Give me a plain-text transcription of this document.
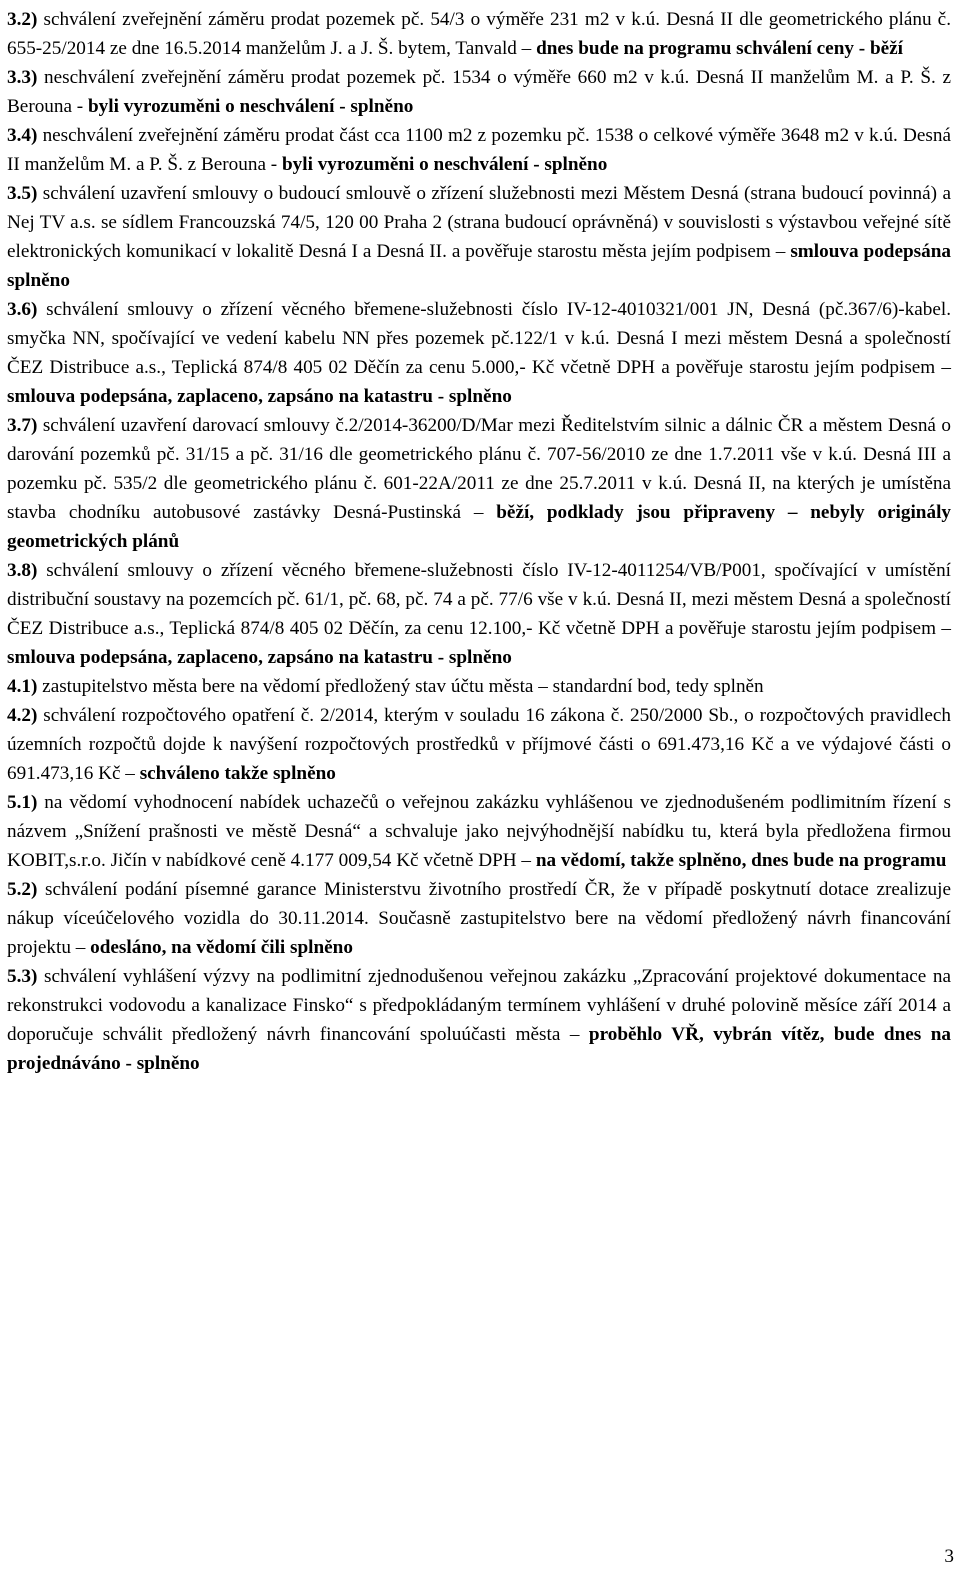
3.2) schválení zveřejnění záměru prodat pozemek pč. 54/3 o výměře 231 m2 v k.ú. Desná II dle geometrického plánu č. 655-25/2014 ze dne 16.5.2014 manželům J. a J. Š. bytem, Tanvald – dnes bude na programu schválení ceny - běží

3.3) neschválení zveřejnění záměru prodat pozemek pč. 1534 o výměře 660 m2 v k.ú. Desná II manželům M. a P. Š. z Berouna - byli vyrozuměni o neschválení - splněno

3.4) neschválení zveřejnění záměru prodat část cca 1100 m2 z pozemku pč. 1538 o celkové výměře 3648 m2 v k.ú. Desná II manželům M. a P. Š. z Berouna - byli vyrozuměni o neschválení - splněno

3.5) schválení uzavření smlouvy o budoucí smlouvě o zřízení služebnosti mezi Městem Desná (strana budoucí povinná) a Nej TV a.s. se sídlem Francouzská 74/5, 120 00 Praha 2 (strana budoucí oprávněná) v souvislosti s výstavbou veřejné sítě elektronických komunikací v lokalitě Desná I a Desná II. a pověřuje starostu města jejím podpisem – smlouva podepsána splněno

3.6) schválení smlouvy o zřízení věcného břemene-služebnosti číslo IV-12-4010321/001 JN, Desná (pč.367/6)-kabel. smyčka NN, spočívající ve vedení kabelu NN přes pozemek pč.122/1 v k.ú. Desná I mezi městem Desná a společností ČEZ Distribuce a.s., Teplická 874/8 405 02 Děčín za cenu 5.000,- Kč včetně DPH a pověřuje starostu jejím podpisem – smlouva podepsána, zaplaceno, zapsáno na katastru - splněno

3.7) schválení uzavření darovací smlouvy č.2/2014-36200/D/Mar mezi Ředitelstvím silnic a dálnic ČR a městem Desná o darování pozemků pč. 31/15 a pč. 31/16 dle geometrického plánu č. 707-56/2010 ze dne 1.7.2011 vše v k.ú. Desná III a pozemku pč. 535/2 dle geometrického plánu č. 601-22A/2011 ze dne 25.7.2011 v k.ú. Desná II, na kterých je umístěna stavba chodníku autobusové zastávky Desná-Pustinská – běží, podklady jsou připraveny – nebyly originály geometrických plánů

3.8) schválení smlouvy o zřízení věcného břemene-služebnosti číslo IV-12-4011254/VB/P001, spočívající v umístění distribuční soustavy na pozemcích pč. 61/1, pč. 68, pč. 74 a pč. 77/6 vše v k.ú. Desná II, mezi městem Desná a společností ČEZ Distribuce a.s., Teplická 874/8 405 02 Děčín, za cenu 12.100,- Kč včetně DPH a pověřuje starostu jejím podpisem – smlouva podepsána, zaplaceno, zapsáno na katastru - splněno

4.1) zastupitelstvo města bere na vědomí předložený stav účtu města – standardní bod, tedy splněn

4.2) schválení rozpočtového opatření č. 2/2014, kterým v souladu 16 zákona č. 250/2000 Sb., o rozpočtových pravidlech územních rozpočtů dojde k navýšení rozpočtových prostředků v příjmové části o 691.473,16 Kč a ve výdajové části o 691.473,16 Kč – schváleno takže splněno

5.1) na vědomí vyhodnocení nabídek uchazečů o veřejnou zakázku vyhlášenou ve zjednodušeném podlimitním řízení s názvem „Snížení prašnosti ve městě Desná“ a schvaluje jako nejvýhodnější nabídku tu, která byla předložena firmou KOBIT,s.r.o. Jičín v nabídkové ceně 4.177 009,54 Kč včetně DPH – na vědomí, takže splněno, dnes bude na programu

5.2) schválení podání písemné garance Ministerstvu životního prostředí ČR, že v případě poskytnutí dotace zrealizuje nákup víceúčelového vozidla do 30.11.2014. Současně zastupitelstvo bere na vědomí předložený návrh financování projektu – odesláno, na vědomí čili splněno

5.3) schválení vyhlášení výzvy na podlimitní zjednodušenou veřejnou zakázku „Zpracování projektové dokumentace na rekonstrukci vodovodu a kanalizace Finsko“ s předpokládaným termínem vyhlášení v druhé polovině měsíce září 2014 a doporučuje schválit předložený návrh financování spoluúčasti města – proběhlo VŘ, vybrán vítěz, bude dnes na projednáváno - splněno

3
